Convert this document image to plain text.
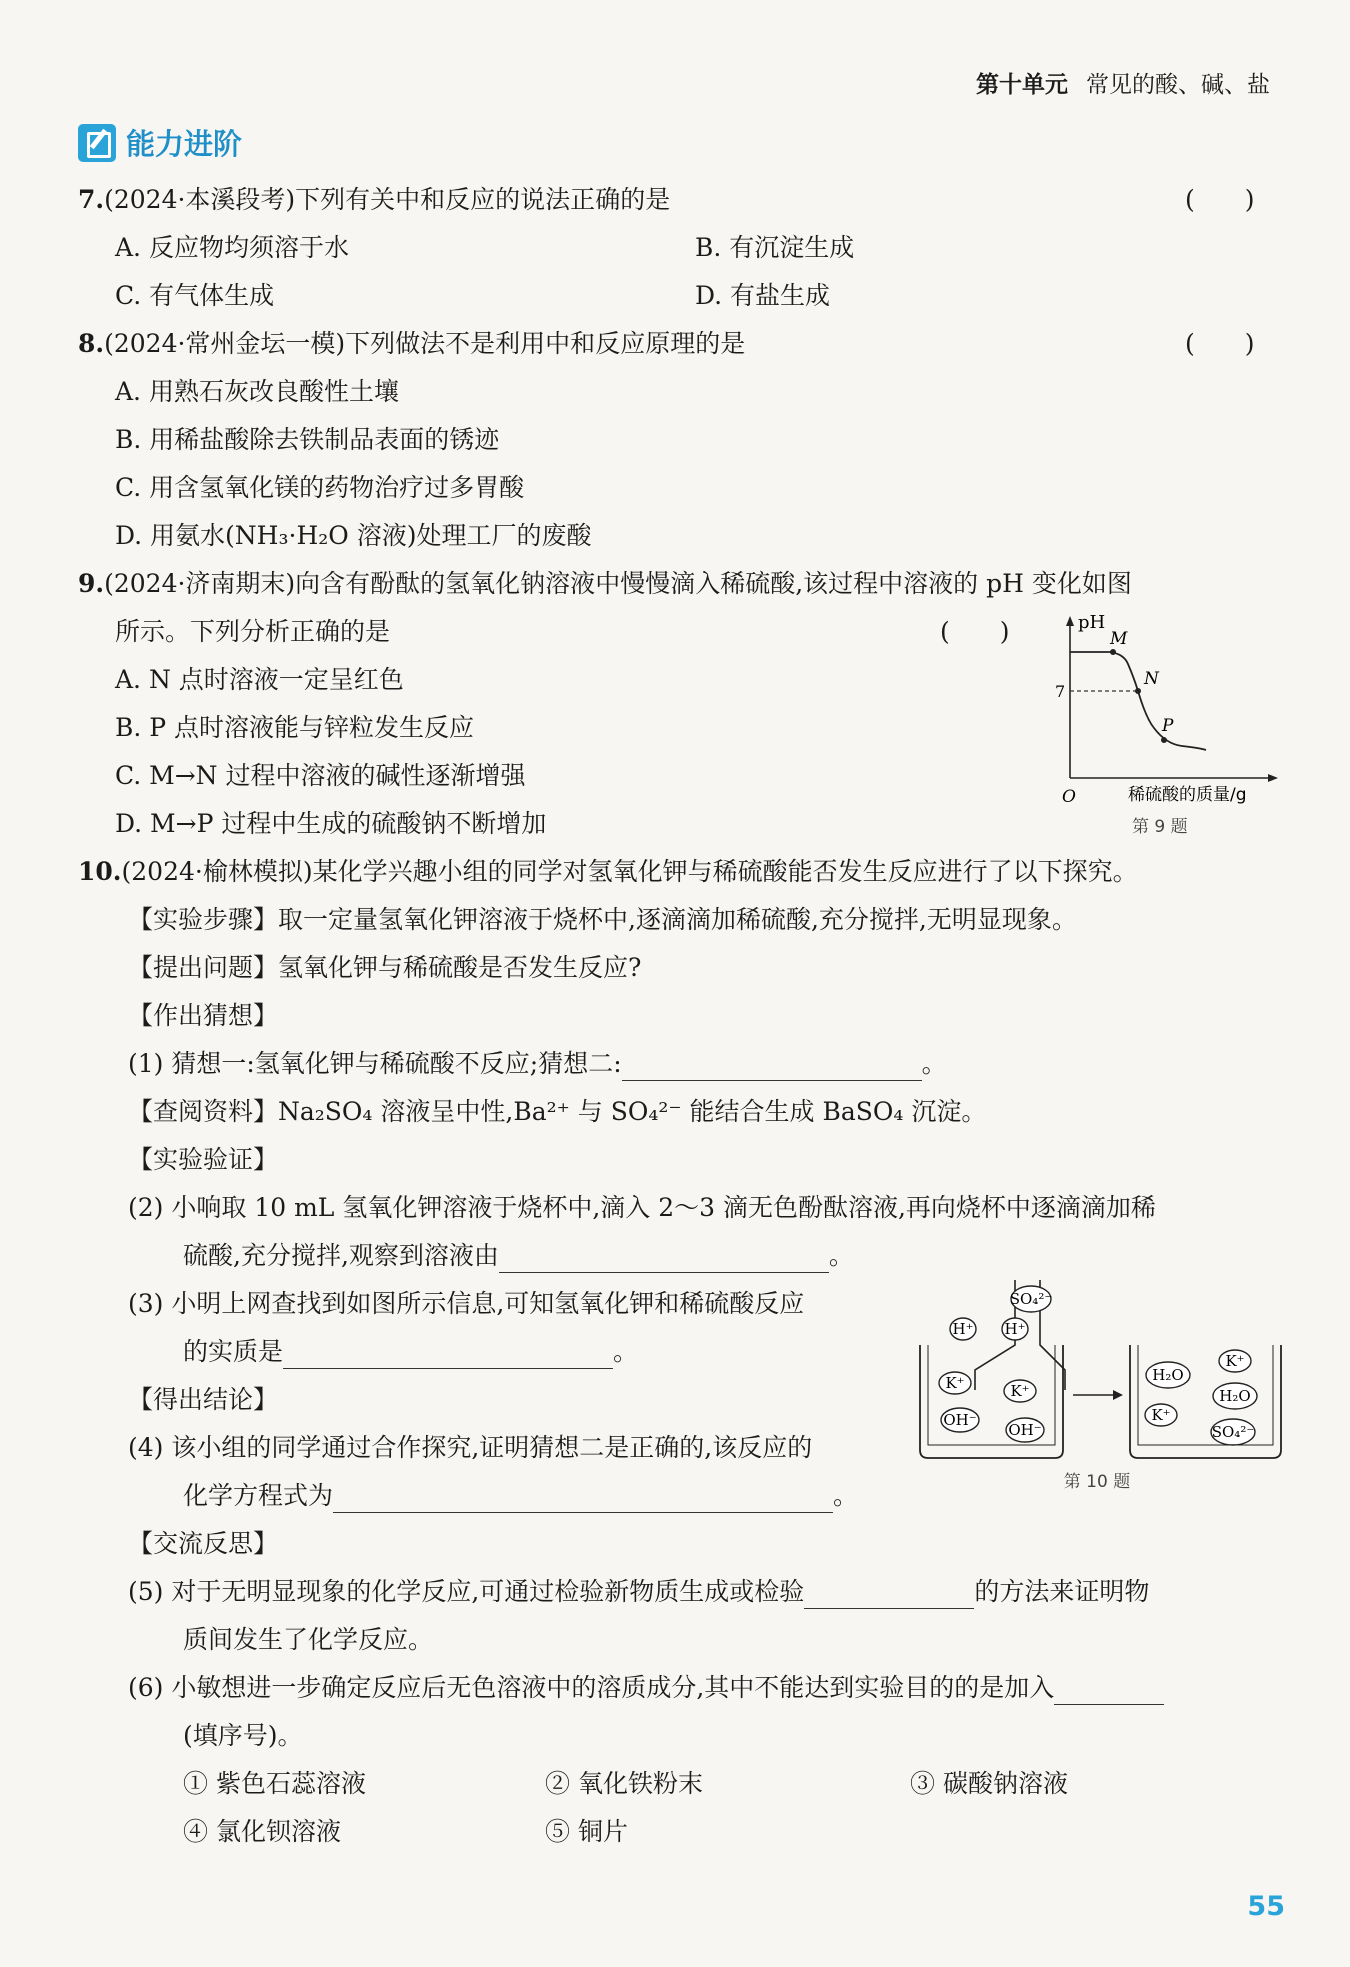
第十单元 常见的酸、碱、盐
能力进阶
7.(2024·本溪段考)下列有关中和反应的说法正确的是	(　　)
A. 反应物均须溶于水	B. 有沉淀生成
C. 有气体生成	D. 有盐生成
8.(2024·常州金坛一模)下列做法不是利用中和反应原理的是	(　　)
A. 用熟石灰改良酸性土壤
B. 用稀盐酸除去铁制品表面的锈迹
C. 用含氢氧化镁的药物治疗过多胃酸
D. 用氨水(NH₃·H₂O 溶液)处理工厂的废酸
9.(2024·济南期末)向含有酚酞的氢氧化钠溶液中慢慢滴入稀硫酸,该过程中溶液的 pH 变化如图
所示。下列分析正确的是	(　　)
A. N 点时溶液一定呈红色
B. P 点时溶液能与锌粒发生反应
C. M→N 过程中溶液的碱性逐渐增强
D. M→P 过程中生成的硫酸钠不断增加
pH
M
N
P
7
O	稀硫酸的质量/g
第 9 题
10.(2024·榆林模拟)某化学兴趣小组的同学对氢氧化钾与稀硫酸能否发生反应进行了以下探究。
【实验步骤】取一定量氢氧化钾溶液于烧杯中,逐滴滴加稀硫酸,充分搅拌,无明显现象。
【提出问题】氢氧化钾与稀硫酸是否发生反应?
【作出猜想】
(1) 猜想一:氢氧化钾与稀硫酸不反应;猜想二:	。
【查阅资料】Na₂SO₄ 溶液呈中性,Ba²⁺ 与 SO₄²⁻ 能结合生成 BaSO₄ 沉淀。
【实验验证】
(2) 小响取 10 mL 氢氧化钾溶液于烧杯中,滴入 2～3 滴无色酚酞溶液,再向烧杯中逐滴滴加稀
硫酸,充分搅拌,观察到溶液由	。
(3) 小明上网查找到如图所示信息,可知氢氧化钾和稀硫酸反应
的实质是	。
【得出结论】
(4) 该小组的同学通过合作探究,证明猜想二是正确的,该反应的
化学方程式为	。
【交流反思】
(5) 对于无明显现象的化学反应,可通过检验新物质生成或检验	的方法来证明物
质间发生了化学反应。
(6) 小敏想进一步确定反应后无色溶液中的溶质成分,其中不能达到实验目的的是加入
(填序号)。
① 紫色石蕊溶液	② 氧化铁粉末	③ 碳酸钠溶液
④ 氯化钡溶液	⑤ 铜片
SO₄²⁻
H⁺ H⁺
K⁺	K⁺
OH⁻
OH⁻
H₂O
K⁺
H₂O
K⁺
SO₄²⁻
第 10 题
55
